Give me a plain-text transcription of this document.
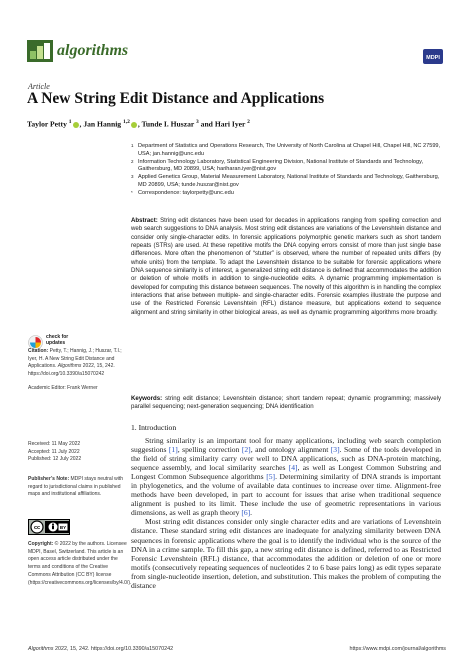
algorithms	MDPI
Article
A New String Edit Distance and Applications
Taylor Petty $^1$ , Jan Hannig $^{1,2}$ , Tunde I. Huszar $^3$ and Hari Iyer $^2$
1 Department of Statistics and Operations Research, The University of North Carolina at Chapel Hill, Chapel Hill, NC 27599, USA; jan.hannig@unc.edu
2 Information Technology Laboratory, Statistical Engineering Division, National Institute of Standards and Technology, Gaithersburg, MD 20899, USA; hariharan.iyer@nist.gov
3 Applied Genetics Group, Material Measurement Laboratory, National Institute of Standards and Technology, Gaithersburg, MD 20899, USA; tunde.huszar@nist.gov
* Correspondence: taylorpetty@unc.edu
Abstract: String edit distances have been used for decades in applications ranging from spelling correction and web search suggestions to DNA analysis. Most string edit distances are variations of the Levenshtein distance and consider only single-character edits. In forensic applications polymorphic genetic markers such as short tandem repeats (STRs) are used. At these repetitive motifs the DNA copying errors consist of more than just single base differences. More often the phenomenon of “stutter” is observed, where the number of repeated units differs (by whole units) from the template. To adapt the Levenshtein distance to be suitable for forensic applications where DNA sequence similarity is of interest, a generalized string edit distance is defined that accommodates the addition or deletion of whole motifs in addition to single-nucleotide edits. A dynamic programming implementation is developed for computing this distance between sequences. The novelty of this algorithm is in handling the complex interactions that arise between multiple- and single-character edits. Forensic examples illustrate the purpose and use of the Restricted Forensic Levenshtein (RFL) distance measure, but applications extend to sequence alignment and string similarity in other biological areas, as well as dynamic programming algorithms more broadly.
Keywords: string edit distance; Levenshtein distance; short tandem repeat; dynamic programming; massively parallel sequencing; next-generation sequencing; DNA identification
check for
updates
Citation: Petty, T.; Hannig, J.; Huszar, T.I.; Iyer, H. A New String Edit Distance and Applications. Algorithms 2022, 15, 242. https://doi.org/10.3390/a15070242
Academic Editor: Frank Werner
Received: 11 May 2022
Accepted: 11 July 2022
Published: 12 July 2022
Publisher’s Note: MDPI stays neutral with regard to jurisdictional claims in published maps and institutional affiliations.
cc	BY
Copyright: © 2022 by the authors. Licensee MDPI, Basel, Switzerland. This article is an open access article distributed under the terms and conditions of the Creative Commons Attribution (CC BY) license (https://creativecommons.org/licenses/by/4.0/).
1. Introduction

String similarity is an important tool for many applications, including web search completion suggestions [1], spelling correction [2], and ontology alignment [3]. Some of the tools developed in the field of string similarity carry over well to DNA applications, such as DNA-protein matching, sequence assembly, and local similarity searches [4], as well as Longest Common Substring and Longest Common Subsequence algorithms [5]. Determining similarity of DNA strands is important in phylogenetics, and the volume of available data continues to increase over time. Alignment-free methods have been developed, in part to account for issues that arise when traditional sequence alignment is pushed to its limit. These include the use of geometric representations in various dimensions, as well as graph theory [6].

Most string edit distances consider only single character edits and are variations of Levenshtein distance. These standard string edit distances are inadequate for analyzing similarity between DNA sequences in forensic applications where the goal is to identify the individual who is the source of the DNA in a crime sample. To fill this gap, a new string edit distance is defined, referred to as Restricted Forensic Levenshtein (RFL) distance, that accommodates the addition or deletion of one or more motifs (consecutively repeating sequences of nucleotides 2 to 6 base pairs long) as edit types separate from single-nucleotide insertion, deletion, and substitution. This makes the problem of computing the distance

Algorithms 2022, 15, 242. https://doi.org/10.3390/a15070242	https://www.mdpi.com/journal/algorithms
